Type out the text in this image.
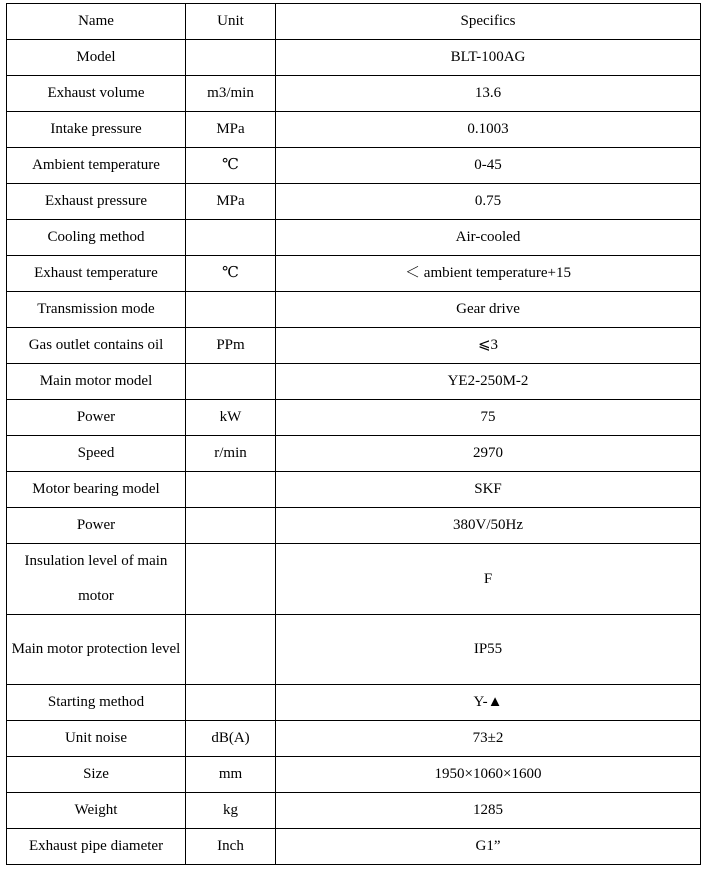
Name	Unit	Specifics
Model		BLT-100AG
Exhaust volume	m3/min	13.6
Intake pressure	MPa	0.1003
Ambient temperature	℃	0-45
Exhaust pressure	MPa	0.75
Cooling method		Air-cooled
Exhaust temperature	℃	＜ ambient temperature+15
Transmission mode		Gear drive
Gas outlet contains oil	PPm	⩽3
Main motor model		YE2-250M-2
Power	kW	75
Speed	r/min	2970
Motor bearing model		SKF
Power		380V/50Hz
Insulation level of main motor		F
Main motor protection level		IP55
Starting method		Y-▲
Unit noise	dB(A)	73±2
Size	mm	1950×1060×1600
Weight	kg	1285
Exhaust pipe diameter	Inch	G1”
